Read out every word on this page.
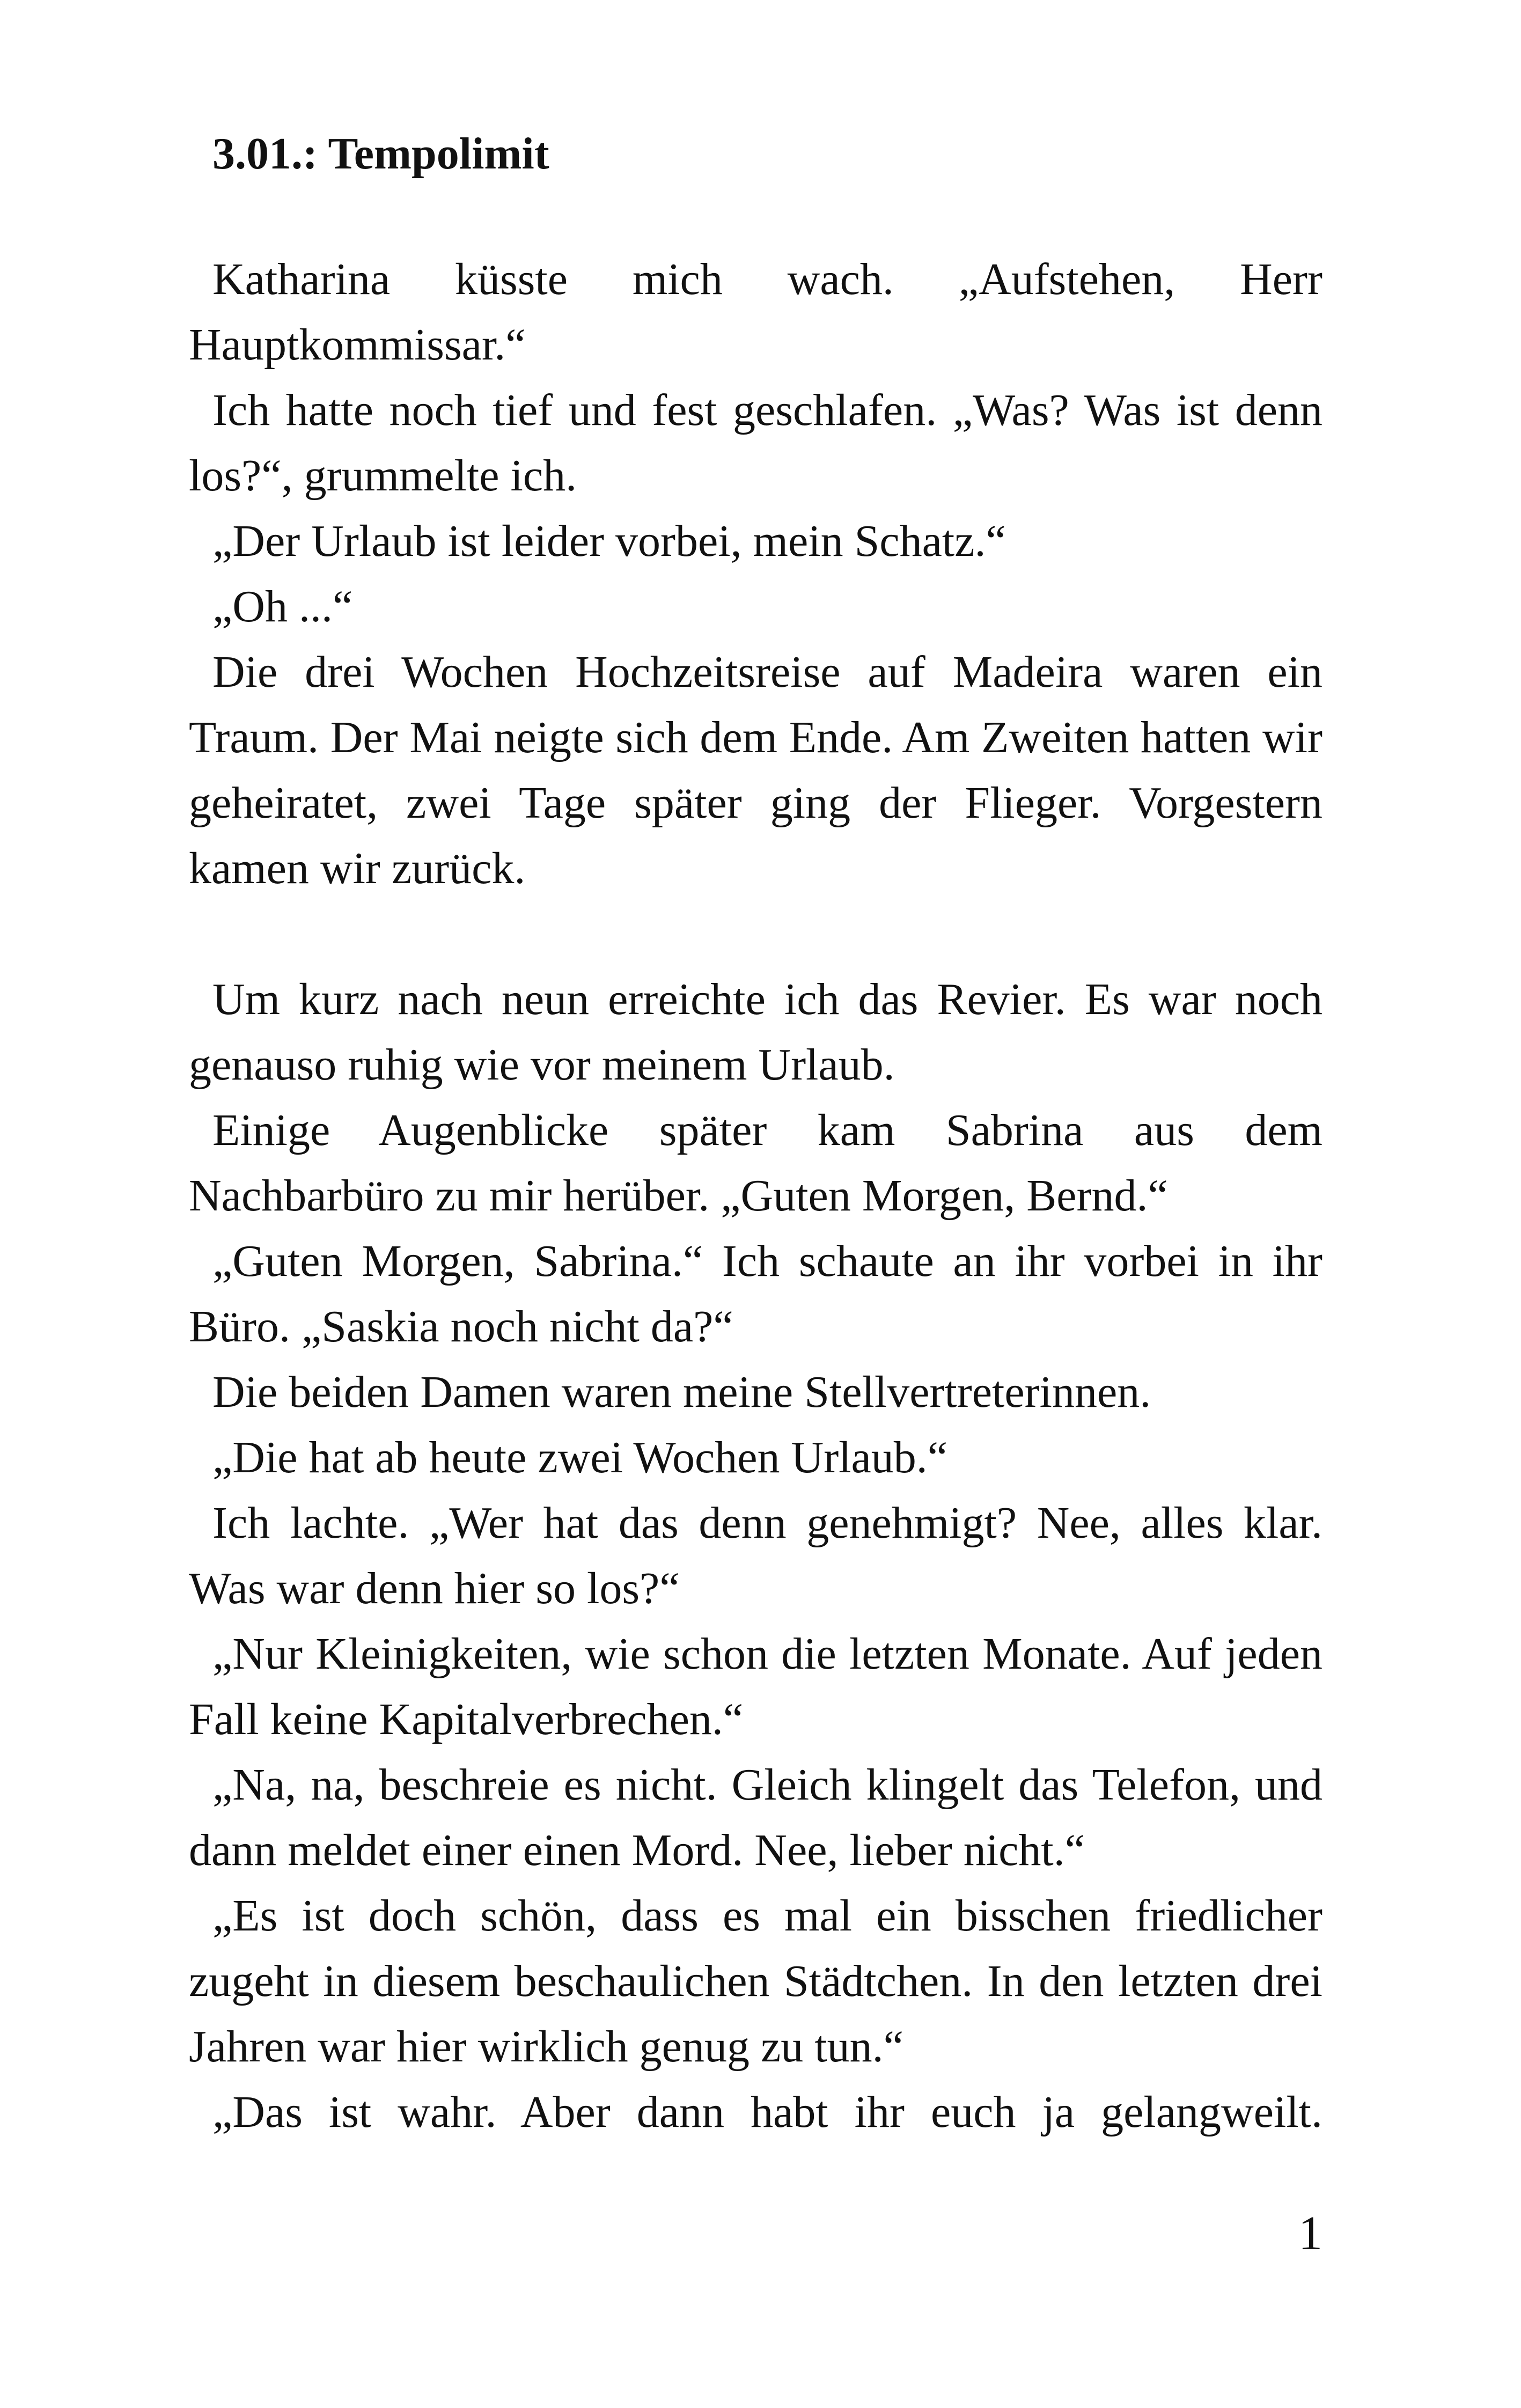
3.01.: Tempolimit

Katharina küsste mich wach. „Aufstehen, Herr Hauptkommissar.“

Ich hatte noch tief und fest geschlafen. „Was? Was ist denn los?“, grummelte ich.

„Der Urlaub ist leider vorbei, mein Schatz.“

„Oh ...“

Die drei Wochen Hochzeitsreise auf Madeira waren ein Traum. Der Mai neigte sich dem Ende. Am Zweiten hatten wir geheiratet, zwei Tage später ging der Flieger. Vorgestern kamen wir zurück.

Um kurz nach neun erreichte ich das Revier. Es war noch genauso ruhig wie vor meinem Urlaub.

Einige Augenblicke später kam Sabrina aus dem Nachbarbüro zu mir herüber. „Guten Morgen, Bernd.“

„Guten Morgen, Sabrina.“ Ich schaute an ihr vorbei in ihr Büro. „Saskia noch nicht da?“

Die beiden Damen waren meine Stellvertreterinnen.

„Die hat ab heute zwei Wochen Urlaub.“

Ich lachte. „Wer hat das denn genehmigt? Nee, alles klar. Was war denn hier so los?“

„Nur Kleinigkeiten, wie schon die letzten Monate. Auf jeden Fall keine Kapitalverbrechen.“

„Na, na, beschreie es nicht. Gleich klingelt das Telefon, und dann meldet einer einen Mord. Nee, lieber nicht.“

„Es ist doch schön, dass es mal ein bisschen friedlicher zugeht in diesem beschaulichen Städtchen. In den letzten drei Jahren war hier wirklich genug zu tun.“

„Das ist wahr. Aber dann habt ihr euch ja gelangweilt.

1
